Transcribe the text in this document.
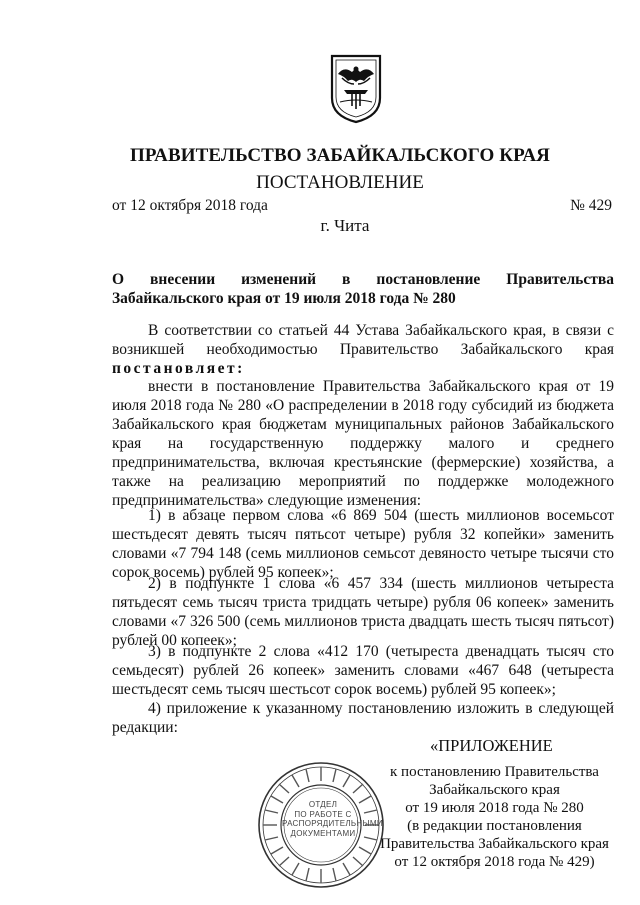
ПРАВИТЕЛЬСТВО ЗАБАЙКАЛЬСКОГО КРАЯ
ПОСТАНОВЛЕНИЕ
от 12 октября 2018 года	№ 429
г. Чита
О внесении изменений в постановление Правительства Забайкальского края от 19 июля 2018 года № 280
В соответствии со статьей 44 Устава Забайкальского края, в связи с возникшей необходимостью Правительство Забайкальского края постановляет:
внести в постановление Правительства Забайкальского края от 19 июля 2018 года № 280 «О распределении в 2018 году субсидий из бюджета Забайкальского края бюджетам муниципальных районов Забайкальского края на государственную поддержку малого и среднего предпринимательства, включая крестьянские (фермерские) хозяйства, а также на реализацию мероприятий по поддержке молодежного предпринимательства» следующие изменения:
1) в абзаце первом слова «6 869 504 (шесть миллионов восемьсот шестьдесят девять тысяч пятьсот четыре) рубля 32 копейки» заменить словами «7 794 148 (семь миллионов семьсот девяносто четыре тысячи сто сорок восемь) рублей 95 копеек»;
2) в подпункте 1 слова «6 457 334 (шесть миллионов четыреста пятьдесят семь тысяч триста тридцать четыре) рубля 06 копеек» заменить словами «7 326 500 (семь миллионов триста двадцать шесть тысяч пятьсот) рублей 00 копеек»;
3) в подпункте 2 слова «412 170 (четыреста двенадцать тысяч сто семьдесят) рублей 26 копеек» заменить словами «467 648 (четыреста шестьдесят семь тысяч шестьсот сорок восемь) рублей 95 копеек»;
4) приложение к указанному постановлению изложить в следующей редакции:
ОТДЕЛ
ПО РАБОТЕ С
РАСПОРЯДИТЕЛЬНЫМИ
ДОКУМЕНТАМИ
«ПРИЛОЖЕНИЕ
к постановлению Правительства
Забайкальского края
от 19 июля 2018 года № 280
(в редакции постановления
Правительства Забайкальского края
от 12 октября 2018 года № 429)
